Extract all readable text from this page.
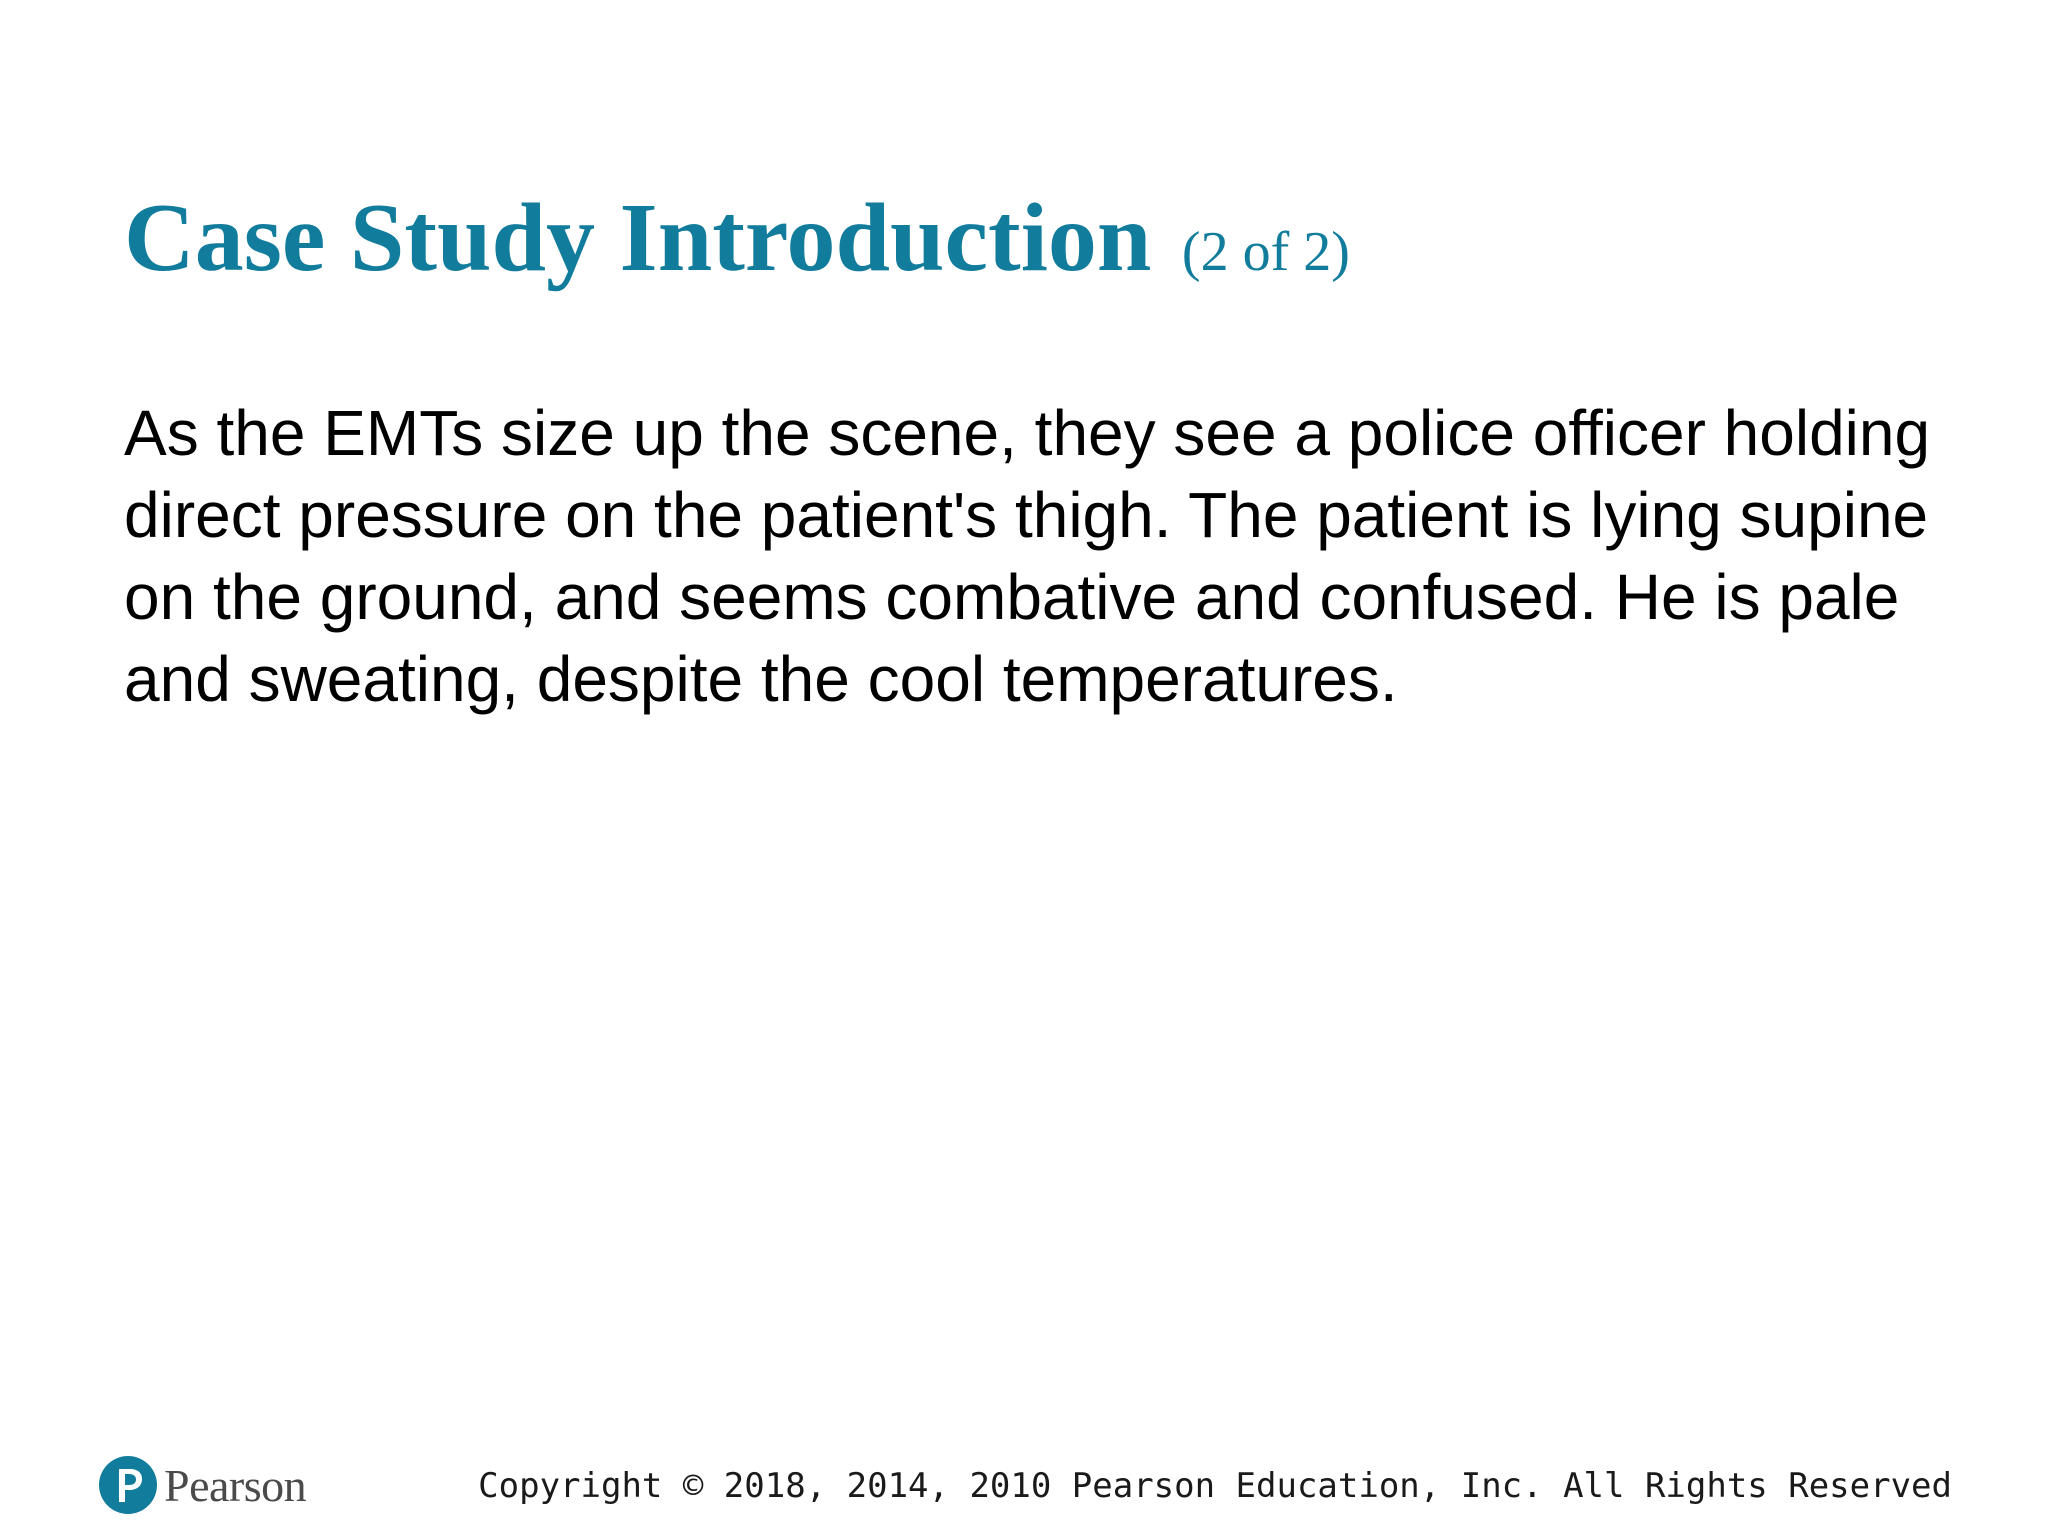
Case Study Introduction (2 of 2)

As the EMTs size up the scene, they see a police officer holding direct pressure on the patient's thigh. The patient is lying supine on the ground, and seems combative and confused. He is pale and sweating, despite the cool temperatures.

Pearson	Copyright © 2018, 2014, 2010 Pearson Education, Inc. All Rights Reserved
